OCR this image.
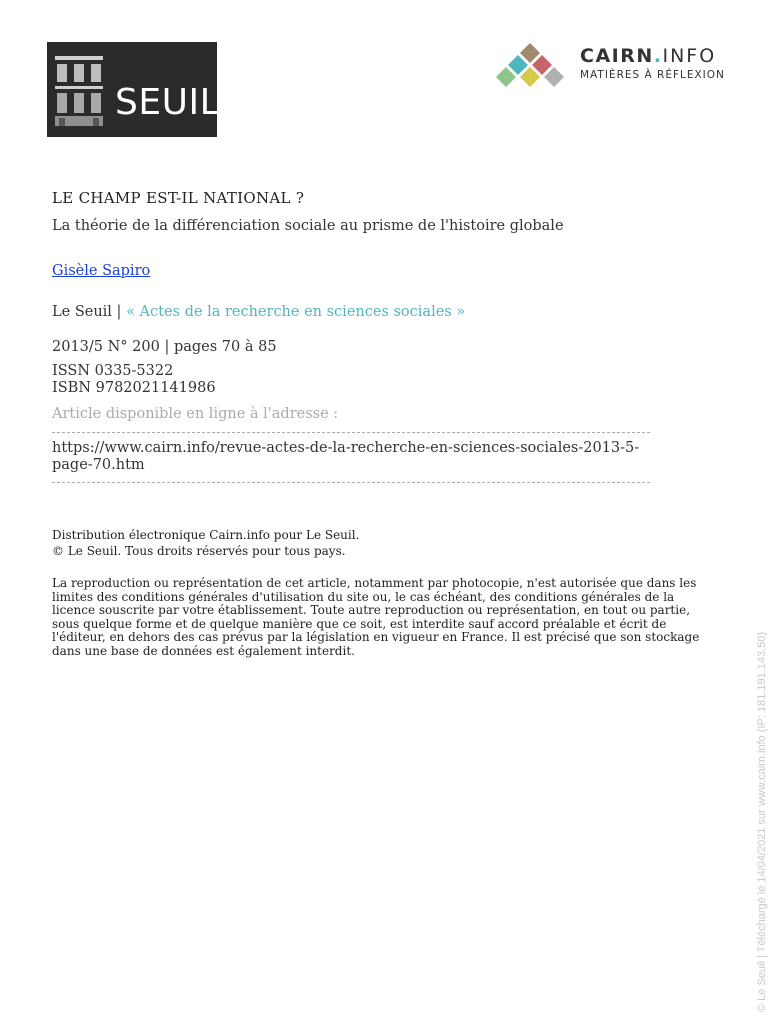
SEUIL
CAIRN.INFO
MATIÈRES À RÉFLEXION
LE CHAMP EST-IL NATIONAL ?
La théorie de la différenciation sociale au prisme de l'histoire globale
Gisèle Sapiro
Le Seuil | « Actes de la recherche en sciences sociales »
2013/5 N° 200 | pages 70 à 85
ISSN 0335-5322
ISBN 9782021141986
Article disponible en ligne à l'adresse :
https://www.cairn.info/revue-actes-de-la-recherche-en-sciences-sociales-2013-5-page-70.htm
Distribution électronique Cairn.info pour Le Seuil.
© Le Seuil. Tous droits réservés pour tous pays.
La reproduction ou représentation de cet article, notamment par photocopie, n'est autorisée que dans les limites des conditions générales d'utilisation du site ou, le cas échéant, des conditions générales de la licence souscrite par votre établissement. Toute autre reproduction ou représentation, en tout ou partie, sous quelque forme et de quelque manière que ce soit, est interdite sauf accord préalable et écrit de l'éditeur, en dehors des cas prévus par la législation en vigueur en France. Il est précisé que son stockage dans une base de données est également interdit.	© Le Seuil | Téléchargé le 14/04/2021 sur www.cairn.info (IP: 181.191.143.50)
